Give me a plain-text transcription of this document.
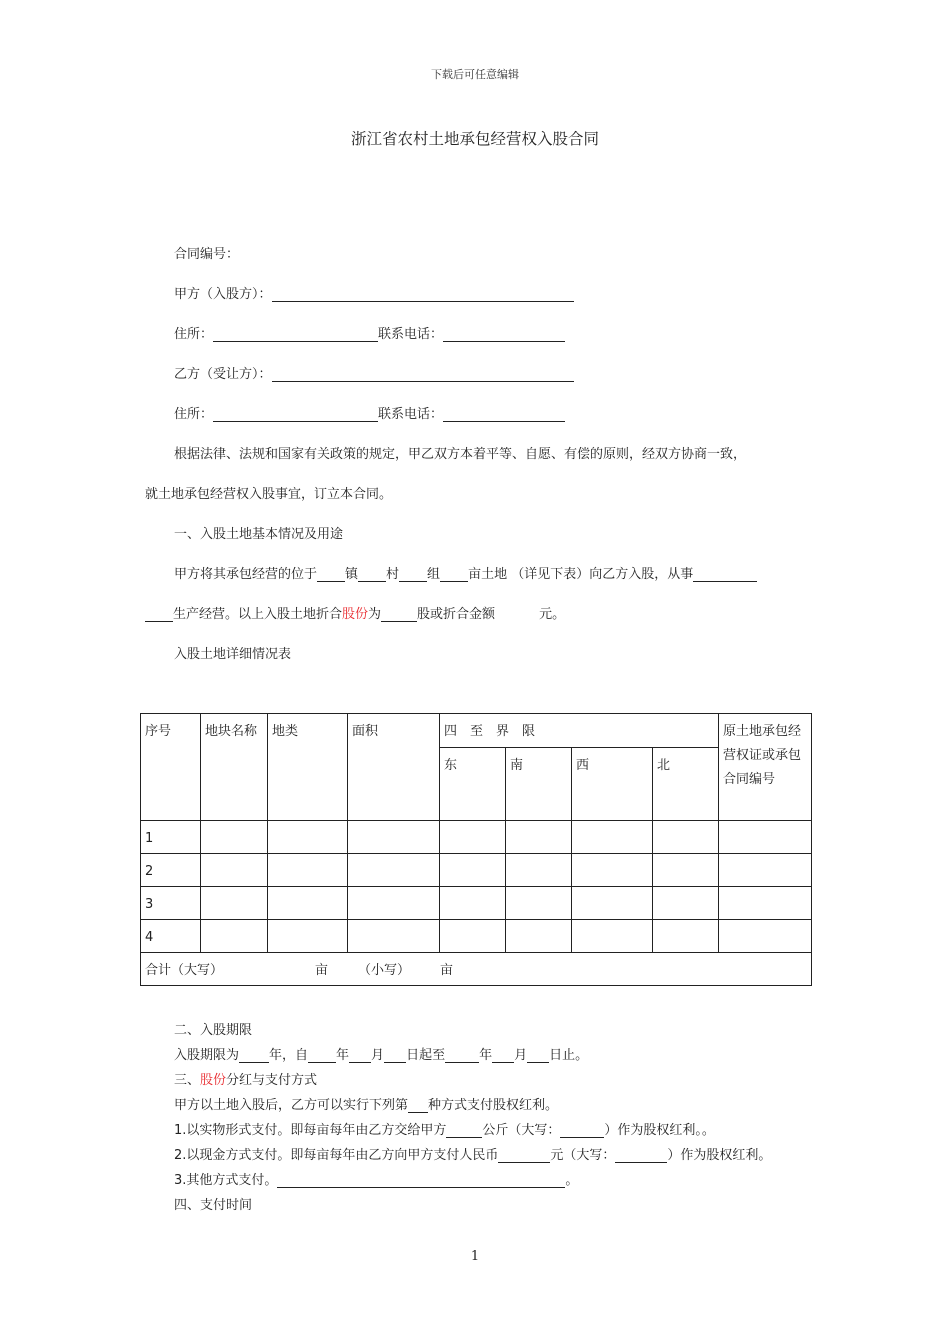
下载后可任意编辑
浙江省农村土地承包经营权入股合同
合同编号：
甲方（入股方）：
住所：	联系电话：
乙方（受让方）：
住所：	联系电话：
根据法律、法规和国家有关政策的规定，甲乙双方本着平等、自愿、有偿的原则，经双方协商一致，
就土地承包经营权入股事宜，订立本合同。
一、入股土地基本情况及用途
甲方将其承包经营的位于 镇 村 组 亩土地 （详见下表）向乙方入股，从事
生产经营。以上入股土地折合股份为	股或折合金额	元。
入股土地详细情况表
序号	地块名称	地类	面积	四　至　界　限				原土地承包经营权证或承包合同编号
				东	南	西	北	
1								
2								
3								
4								
合计（大写） 亩 （小写） 亩								
二、入股期限
入股期限为 年，自 年 月 日起至	年 月 日止。
三、股份分红与支付方式
甲方以土地入股后，乙方可以实行下列第 种方式支付股权红利。
1.以实物形式支付。即每亩每年由乙方交给甲方	公斤（大写：	）作为股权红利。。
2.以现金方式支付。即每亩每年由乙方向甲方支付人民币	元（大写：	）作为股权红利。
3.其他方式支付。	。
四、支付时间
1
